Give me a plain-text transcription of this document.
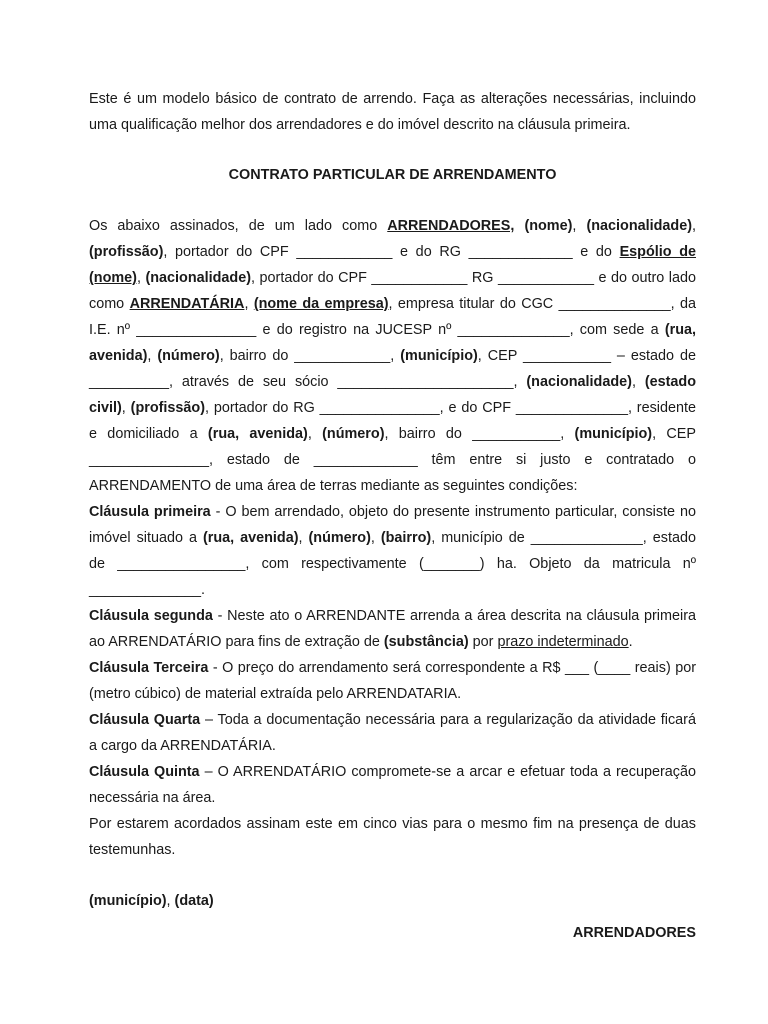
Este é um modelo básico de contrato de arrendo. Faça as alterações necessárias, incluindo uma qualificação melhor dos arrendadores e do imóvel descrito na cláusula primeira.

CONTRATO PARTICULAR DE ARRENDAMENTO

Os abaixo assinados, de um lado como ARRENDADORES, (nome), (nacionalidade), (profissão), portador do CPF ____________ e do RG _____________ e do Espólio de (nome), (nacionalidade), portador do CPF ____________ RG ____________ e do outro lado como ARRENDATÁRIA, (nome da empresa), empresa titular do CGC ______________, da I.E. nº _______________ e do registro na JUCESP nº ______________, com sede a (rua, avenida), (número), bairro do ____________, (município), CEP ___________ – estado de __________, através de seu sócio ______________________, (nacionalidade), (estado civil), (profissão), portador do RG _______________, e do CPF ______________, residente e domiciliado a (rua, avenida), (número), bairro do ___________, (município), CEP _______________, estado de _____________ têm entre si justo e contratado o ARRENDAMENTO de uma área de terras mediante as seguintes condições:

Cláusula primeira - O bem arrendado, objeto do presente instrumento particular, consiste no imóvel situado a (rua, avenida), (número), (bairro), município de ______________, estado de ________________, com respectivamente (_______) ha. Objeto da matricula nº ______________.

Cláusula segunda - Neste ato o ARRENDANTE arrenda a área descrita na cláusula primeira ao ARRENDATÁRIO para fins de extração de (substância) por prazo indeterminado.

Cláusula Terceira - O preço do arrendamento será correspondente a R$ ___ (____ reais) por (metro cúbico) de material extraída pelo ARRENDATARIA.

Cláusula Quarta – Toda a documentação necessária para a regularização da atividade ficará a cargo da ARRENDATÁRIA.

Cláusula Quinta – O ARRENDATÁRIO compromete-se a arcar e efetuar toda a recuperação necessária na área.

Por estarem acordados assinam este em cinco vias para o mesmo fim na presença de duas testemunhas.

(município), (data)

ARRENDADORES
